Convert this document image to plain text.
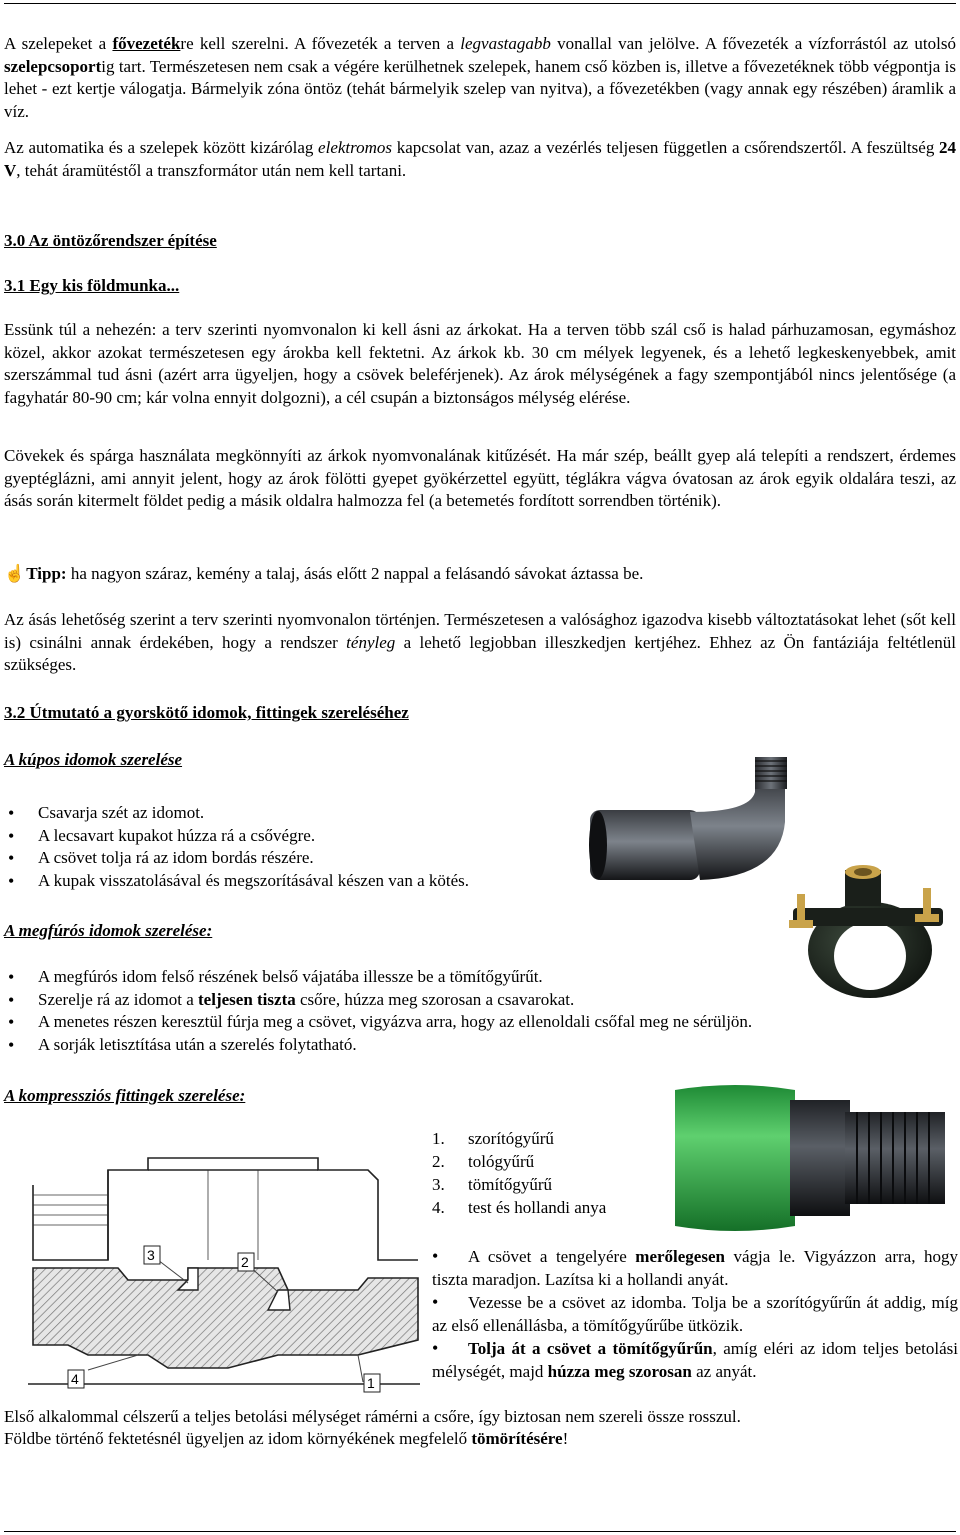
A szelepeket a fővezetékre kell szerelni. A fővezeték a terven a legvastagabb vonallal van jelölve. A fővezeték a vízforrástól az utolsó szelepcsoportig tart. Természetesen nem csak a végére kerülhetnek szelepek, hanem cső közben is, illetve a fővezetéknek több végpontja is lehet - ezt kertje válogatja. Bármelyik zóna öntöz (tehát bármelyik szelep van nyitva), a fővezetékben (vagy annak egy részében) áramlik a víz.

Az automatika és a szelepek között kizárólag elektromos kapcsolat van, azaz a vezérlés teljesen független a csőrendszertől. A feszültség 24 V, tehát áramütéstől a transzformátor után nem kell tartani.

3.0 Az öntözőrendszer építése
3.1 Egy kis földmunka...

Essünk túl a nehezén: a terv szerinti nyomvonalon ki kell ásni az árkokat. Ha a terven több szál cső is halad párhuzamosan, egymáshoz közel, akkor azokat természetesen egy árokba kell fektetni. Az árkok kb. 30 cm mélyek legyenek, és a lehető legkeskenyebbek, amit szerszámmal tud ásni (azért arra ügyeljen, hogy a csövek beleférjenek). Az árok mélységének a fagy szempontjából nincs jelentősége (a fagyhatár 80-90 cm; kár volna ennyit dolgozni), a cél csupán a biztonságos mélység elérése.

Cövekek és spárga használata megkönnyíti az árkok nyomvonalának kitűzését. Ha már szép, beállt gyep alá telepíti a rendszert, érdemes gyeptéglázni, ami annyit jelent, hogy az árok fölötti gyepet gyökérzettel együtt, téglákra vágva óvatosan az árok egyik oldalára teszi, az ásás során kitermelt földet pedig a másik oldalra halmozza fel (a betemetés fordított sorrendben történik).

☝ Tipp: ha nagyon száraz, kemény a talaj, ásás előtt 2 nappal a felásandó sávokat áztassa be.

Az ásás lehetőség szerint a terv szerinti nyomvonalon történjen. Természetesen a valósághoz igazodva kisebb változtatásokat lehet (sőt kell is) csinálni annak érdekében, hogy a rendszer tényleg a lehető legjobban illeszkedjen kertjéhez. Ehhez az Ön fantáziája feltétlenül szükséges.

3.2 Útmutató a gyorskötő idomok, fittingek szereléséhez

A kúpos idomok szerelése

• Csavarja szét az idomot.
• A lecsavart kupakot húzza rá a csővégre.
• A csövet tolja rá az idom bordás részére.
• A kupak visszatolásával és megszorításával készen van a kötés.

A megfúrós idomok szerelése:

• A megfúrós idom felső részének belső vájatába illessze be a tömítőgyűrűt.
• Szerelje rá az idomot a teljesen tiszta csőre, húzza meg szorosan a csavarokat.
• A menetes részen keresztül fúrja meg a csövet, vigyázva arra, hogy az ellenoldali csőfal meg ne sérüljön.
• A sorják letisztítása után a szerelés folytatható.

A kompressziós fittingek szerelése:

1. szorítógyűrű
2. tológyűrű
3. tömítőgyűrű
4. test és hollandi anya
• A csövet a tengelyére merőlegesen vágja le. Vigyázzon arra, hogy tiszta maradjon. Lazítsa ki a hollandi anyát.
• Vezesse be a csövet az idomba. Tolja be a szorítógyűrűn át addig, míg az első ellenállásba, a tömítőgyűrűbe ütközik.
• Tolja át a csövet a tömítőgyűrűn, amíg eléri az idom teljes betolási mélységét, majd húzza meg szorosan az anyát.
3	2
4	1

Első alkalommal célszerű a teljes betolási mélységet rámérni a csőre, így biztosan nem szereli össze rosszul.

Földbe történő fektetésnél ügyeljen az idom környékének megfelelő tömörítésére!
